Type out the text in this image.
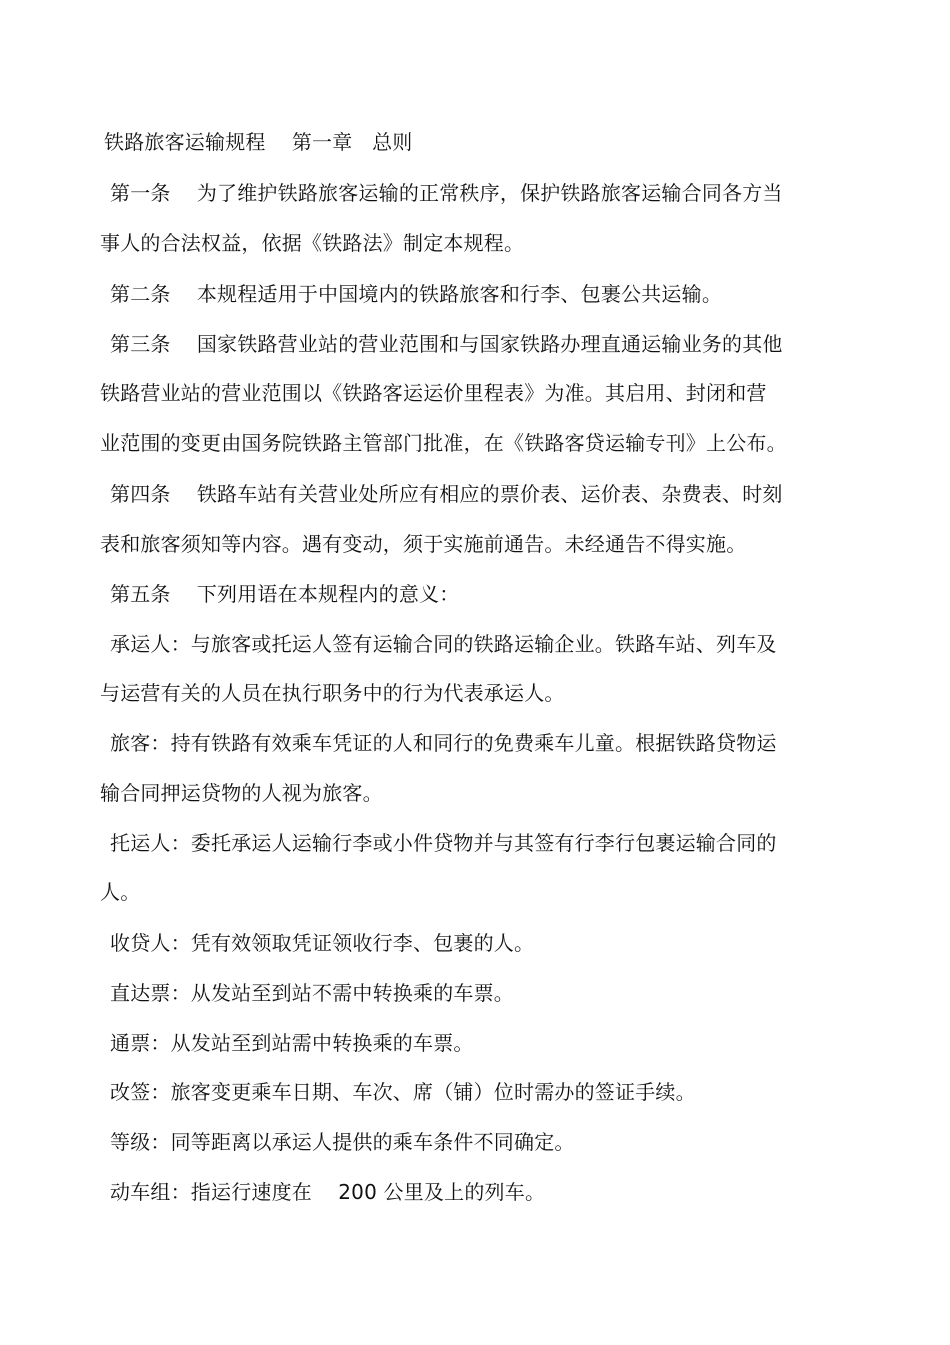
铁路旅客运输规程    第一章   总则
第一条    为了维护铁路旅客运输的正常秩序，保护铁路旅客运输合同各方当
事人的合法权益，依据《铁路法》制定本规程。
第二条    本规程适用于中国境内的铁路旅客和行李、包裹公共运输。
第三条    国家铁路营业站的营业范围和与国家铁路办理直通运输业务的其他
铁路营业站的营业范围以《铁路客运运价里程表》为准。其启用、封闭和营
业范围的变更由国务院铁路主管部门批准，在《铁路客贷运输专刊》上公布。
第四条    铁路车站有关营业处所应有相应的票价表、运价表、杂费表、时刻
表和旅客须知等内容。遇有变动，须于实施前通告。未经通告不得实施。
第五条    下列用语在本规程内的意义：
承运人：与旅客或托运人签有运输合同的铁路运输企业。铁路车站、列车及
与运营有关的人员在执行职务中的行为代表承运人。
旅客：持有铁路有效乘车凭证的人和同行的免费乘车儿童。根据铁路贷物运
输合同押运贷物的人视为旅客。
托运人：委托承运人运输行李或小件贷物并与其签有行李行包裹运输合同的
人。
收贷人：凭有效领取凭证领收行李、包裹的人。
直达票：从发站至到站不需中转换乘的车票。
通票：从发站至到站需中转换乘的车票。
改签：旅客变更乘车日期、车次、席（铺）位时需办的签证手续。
等级：同等距离以承运人提供的乘车条件不同确定。
动车组：指运行速度在    200 公里及上的列车。
